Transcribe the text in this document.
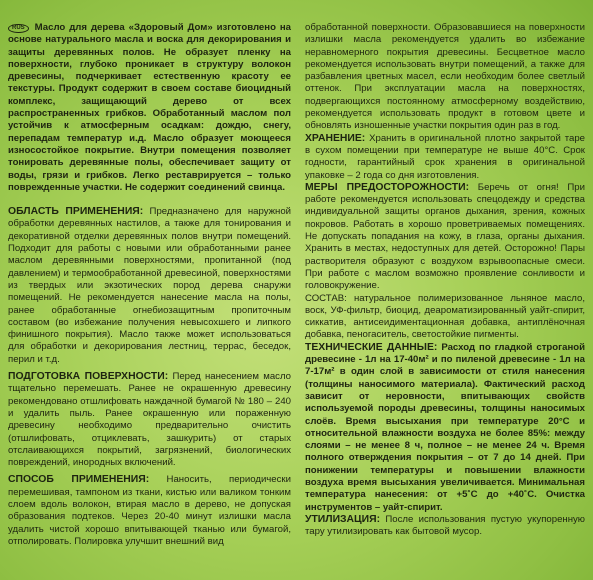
RUS Масло для дерева «Здоровый Дом» изготовлено на основе натурального масла и воска для декорирования и защиты деревянных полов. Не образует пленку на поверхности, глубоко проникает в структуру волокон древесины, подчеркивает естественную красоту ее текстуры. Продукт содержит в своем составе биоцидный комплекс, защищающий дерево от всех распространенных грибков. Обработанный маслом пол устойчив к атмосферным осадкам: дождю, снегу, перепадам температур и.д. Масло образует моющееся износостойкое покрытие. Внутри помещения позволяет тонировать деревянные полы, обеспечивает защиту от воды, грязи и грибков. Легко реставрируется – только поврежденные участки. Не содержит соединений свинца.

ОБЛАСТЬ ПРИМЕНЕНИЯ: Предназначено для наружной обработки деревянных настилов, а также для тонирования и декоративной отделки деревянных полов внутри помещений. Подходит для работы с новыми или обработанными ранее маслом деревянными поверхностями, пропитанной (под давлением) и термообработанной древесиной, поверхностями из твердых или экзотических пород дерева снаружи помещений. Не рекомендуется нанесение масла на полы, ранее обработанные огнебиозащитным пропиточным составом (во избежание получения невысохшего и липкого финишного покрытия). Масло также может использоваться для обработки и декорирования лестниц, террас, беседок, перил и т.д.

ПОДГОТОВКА ПОВЕРХНОСТИ: Перед нанесением масло тщательно перемешать. Ранее не окрашенную древесину рекомендовано отшлифовать наждачной бумагой № 180 – 240 и удалить пыль. Ранее окрашенную или пораженную древесину необходимо предварительно очистить (отшлифовать, отциклевать, зашкурить) от старых отслаивающихся покрытий, загрязнений, биологических повреждений, инородных включений.

СПОСОБ ПРИМЕНЕНИЯ: Наносить, периодически перемешивая, тампоном из ткани, кистью или валиком тонким слоем вдоль волокон, втирая масло в дерево, не допуская образования подтеков. Через 20-40 минут излишки масла удалить чистой хорошо впитывающей тканью или бумагой, отполировать. Полировка улучшит внешний вид

обработанной поверхности. Образовавшиеся на поверхности излишки масла рекомендуется удалить во избежание неравномерного покрытия древесины. Бесцветное масло рекомендуется использовать внутри помещений, а также для разбавления цветных масел, если необходим более светлый оттенок. При эксплуатации масла на поверхностях, подвергающихся постоянному атмосферному воздействию, рекомендуется использовать продукт в готовом цвете и обновлять изношенные участки покрытия один раз в год.

ХРАНЕНИЕ: Хранить в оригинальной плотно закрытой таре в сухом помещении при температуре не выше 40°С. Срок годности, гарантийный срок хранения в оригинальной упаковке – 2 года со дня изготовления.

МЕРЫ ПРЕДОСТОРОЖНОСТИ: Беречь от огня! При работе рекомендуется использовать спецодежду и средства индивидуальной защиты органов дыхания, зрения, кожных покровов. Работать в хорошо проветриваемых помещениях. Не допускать попадания на кожу, в глаза, органы дыхания. Хранить в местах, недоступных для детей. Осторожно! Пары растворителя образуют с воздухом взрывоопасные смеси. При работе с маслом возможно проявление сонливости и головокружение.

СОСТАВ: натуральное полимеризованное льняное масло, воск, УФ-фильтр, биоцид, деароматизированный уайт-спирит, сиккатив, антисеидиментационная добавка, антиплёночная добавка, пеногаситель, светостойкие пигменты.

ТЕХНИЧЕСКИЕ ДАННЫЕ: Расход по гладкой строганой древесине - 1л на 17-40м² и по пиленой древесине - 1л на 7-17м² в один слой в зависимости от стиля нанесения (толщины наносимого материала). Фактический расход зависит от неровности, впитывающих свойств используемой породы древесины, толщины наносимых слоёв. Время высыхания при температуре 20°С и относительной влажности воздуха не более 85%: между слоями – не менее 8 ч, полное – не менее 24 ч. Время полного отверждения покрытия – от 7 до 14 дней. При понижении температуры и повышении влажности воздуха время высыхания увеличивается. Минимальная температура нанесения: от +5˚С до +40˚С. Очистка инструментов – уайт-спирит.

УТИЛИЗАЦИЯ: После использования пустую укупоренную тару утилизировать как бытовой мусор.
